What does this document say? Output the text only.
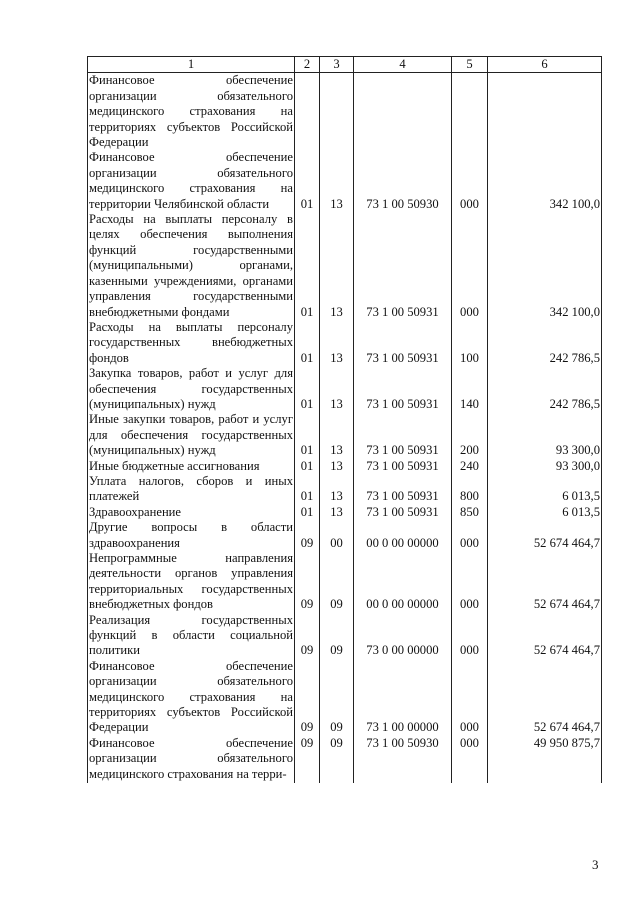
1	2	3	4	5	6
Финансовое обеспечение организации обязательного медицинского страхования на территориях субъектов Российской Федерации					
Финансовое обеспечение организации обязательного медицинского страхования на территории Челябинской области	01	13	73 1 00 50930	000	342 100,0
Расходы на выплаты персоналу в целях обеспечения выполнения функций государственными (муниципальными) органами, казенными учреждениями, органами управления государственными внебюджетными фондами	01	13	73 1 00 50931	000	342 100,0
Расходы на выплаты персоналу государственных внебюджетных фондов	01	13	73 1 00 50931	100	242 786,5
Закупка товаров, работ и услуг для обеспечения государственных (муниципальных) нужд	01	13	73 1 00 50931	140	242 786,5
Иные закупки товаров, работ и услуг для обеспечения государственных (муниципальных) нужд	01	13	73 1 00 50931	200	93 300,0
Иные бюджетные ассигнования	01	13	73 1 00 50931	240	93 300,0
Уплата налогов, сборов и иных платежей	01	13	73 1 00 50931	800	6 013,5
Здравоохранение	01	13	73 1 00 50931	850	6 013,5
Другие вопросы в области здравоохранения	09	00	00 0 00 00000	000	52 674 464,7
Непрограммные направления деятельности органов управления территориальных государственных внебюджетных фондов	09	09	00 0 00 00000	000	52 674 464,7
Реализация государственных функций в области социальной политики	09	09	73 0 00 00000	000	52 674 464,7
Финансовое обеспечение организации обязательного медицинского страхования на территориях субъектов Российской Федерации	09	09	73 1 00 00000	000	52 674 464,7
Финансовое обеспечение организации обязательного медицинского страхования на терри-	09	09	73 1 00 50930	000	49 950 875,7
3
